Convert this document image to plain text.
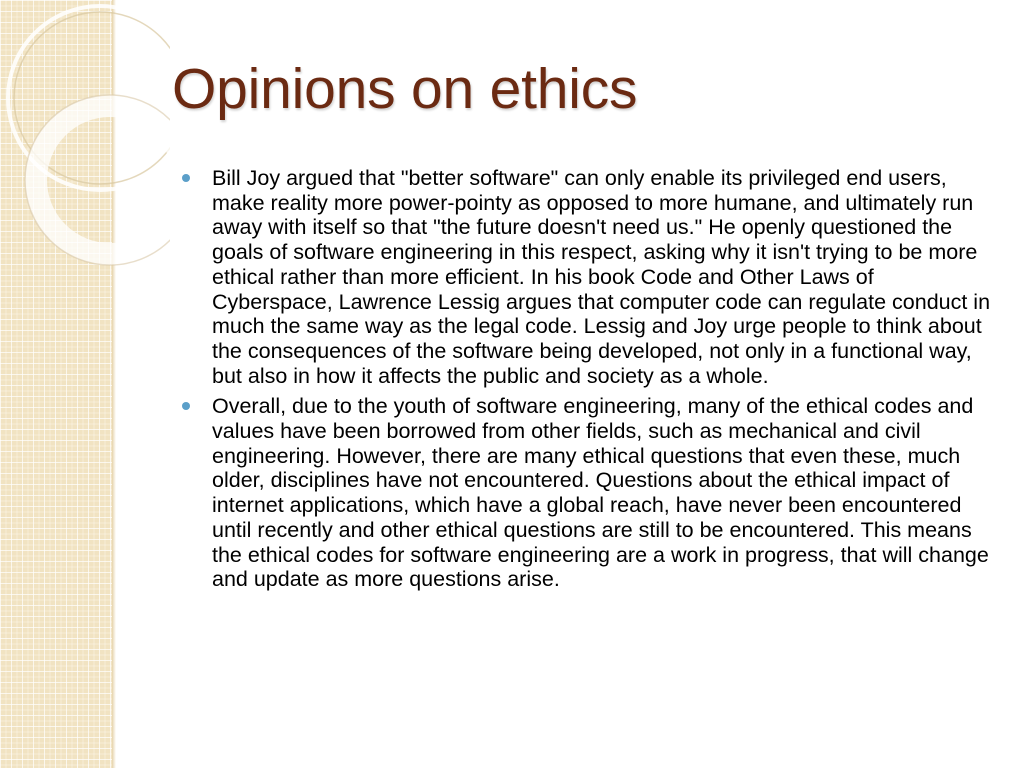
Opinions on ethics
Bill Joy argued that "better software" can only enable its privileged end users, make reality more power-pointy as opposed to more humane, and ultimately run away with itself so that "the future doesn't need us." He openly questioned the goals of software engineering in this respect, asking why it isn't trying to be more ethical rather than more efficient. In his book Code and Other Laws of Cyberspace, Lawrence Lessig argues that computer code can regulate conduct in much the same way as the legal code. Lessig and Joy urge people to think about the consequences of the software being developed, not only in a functional way, but also in how it affects the public and society as a whole.
Overall, due to the youth of software engineering, many of the ethical codes and values have been borrowed from other fields, such as mechanical and civil engineering. However, there are many ethical questions that even these, much older, disciplines have not encountered. Questions about the ethical impact of internet applications, which have a global reach, have never been encountered until recently and other ethical questions are still to be encountered. This means the ethical codes for software engineering are a work in progress, that will change and update as more questions arise.
